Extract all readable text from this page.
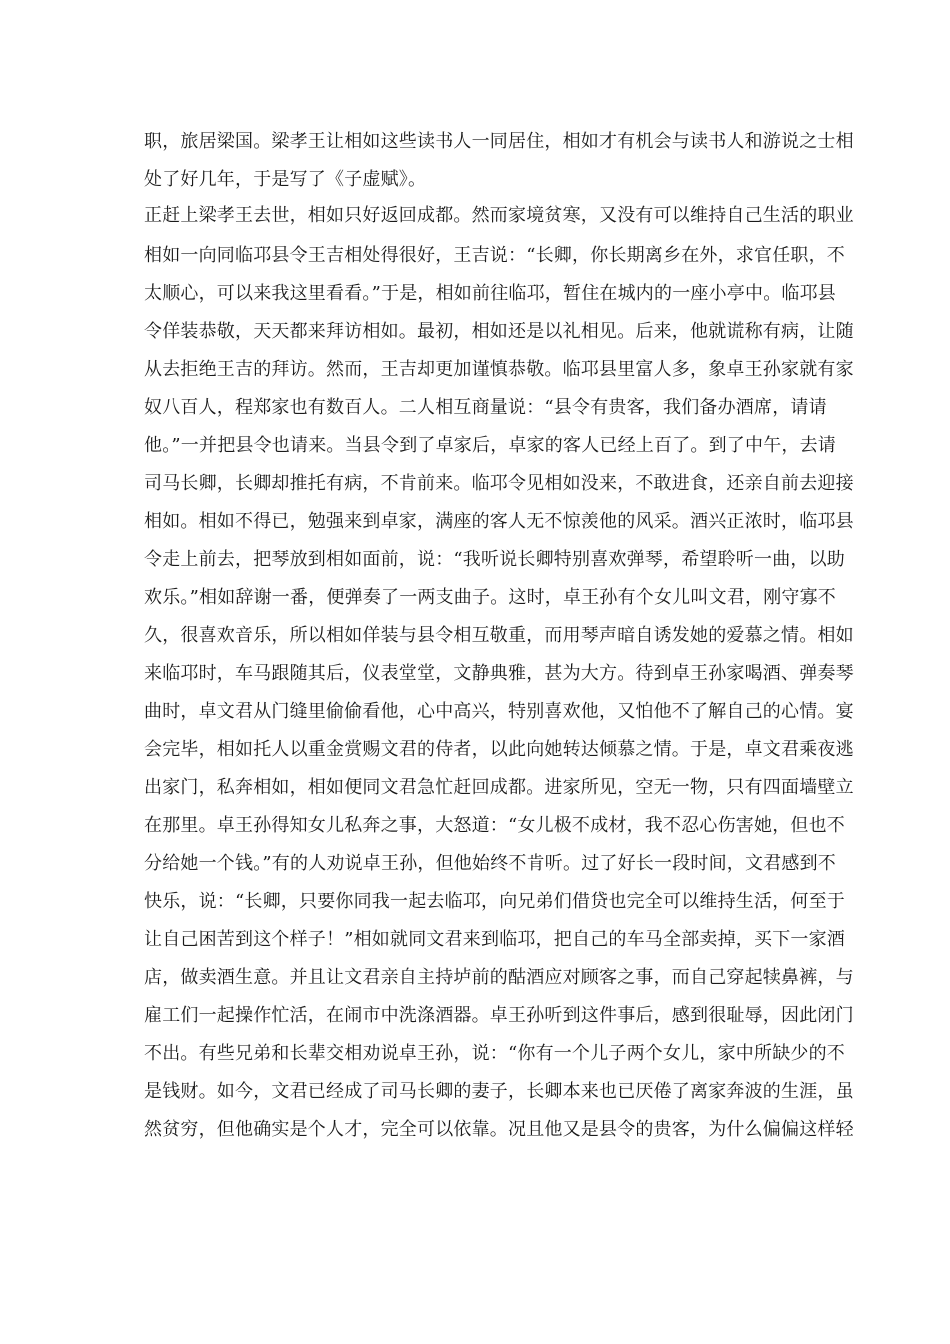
职，旅居梁国。梁孝王让相如这些读书人一同居住，相如才有机会与读书人和游说之士相
处了好几年，于是写了《子虚赋》。
正赶上梁孝王去世，相如只好返回成都。然而家境贫寒，又没有可以维持自己生活的职业
相如一向同临邛县令王吉相处得很好，王吉说：“长卿，你长期离乡在外，求官任职，不
太顺心，可以来我这里看看。”于是，相如前往临邛，暂住在城内的一座小亭中。临邛县
令佯装恭敬，天天都来拜访相如。最初，相如还是以礼相见。后来，他就谎称有病，让随
从去拒绝王吉的拜访。然而，王吉却更加谨慎恭敬。临邛县里富人多，象卓王孙家就有家
奴八百人，程郑家也有数百人。二人相互商量说：“县令有贵客，我们备办酒席，请请
他。”一并把县令也请来。当县令到了卓家后，卓家的客人已经上百了。到了中午，去请
司马长卿，长卿却推托有病，不肯前来。临邛令见相如没来，不敢进食，还亲自前去迎接
相如。相如不得已，勉强来到卓家，满座的客人无不惊羡他的风采。酒兴正浓时，临邛县
令走上前去，把琴放到相如面前，说：“我听说长卿特别喜欢弹琴，希望聆听一曲，以助
欢乐。”相如辞谢一番，便弹奏了一两支曲子。这时，卓王孙有个女儿叫文君，刚守寡不
久，很喜欢音乐，所以相如佯装与县令相互敬重，而用琴声暗自诱发她的爱慕之情。相如
来临邛时，车马跟随其后，仪表堂堂，文静典雅，甚为大方。待到卓王孙家喝酒、弹奏琴
曲时，卓文君从门缝里偷偷看他，心中高兴，特别喜欢他，又怕他不了解自己的心情。宴
会完毕，相如托人以重金赏赐文君的侍者，以此向她转达倾慕之情。于是，卓文君乘夜逃
出家门，私奔相如，相如便同文君急忙赶回成都。进家所见，空无一物，只有四面墙壁立
在那里。卓王孙得知女儿私奔之事，大怒道：“女儿极不成材，我不忍心伤害她，但也不
分给她一个钱。”有的人劝说卓王孙，但他始终不肯听。过了好长一段时间，文君感到不
快乐，说：“长卿，只要你同我一起去临邛，向兄弟们借贷也完全可以维持生活，何至于
让自己困苦到这个样子！”相如就同文君来到临邛，把自己的车马全部卖掉，买下一家酒
店，做卖酒生意。并且让文君亲自主持垆前的酤酒应对顾客之事，而自己穿起犊鼻裤，与
雇工们一起操作忙活，在闹市中洗涤酒器。卓王孙听到这件事后，感到很耻辱，因此闭门
不出。有些兄弟和长辈交相劝说卓王孙，说：“你有一个儿子两个女儿，家中所缺少的不
是钱财。如今，文君已经成了司马长卿的妻子，长卿本来也已厌倦了离家奔波的生涯，虽
然贫穷，但他确实是个人才，完全可以依靠。况且他又是县令的贵客，为什么偏偏这样轻
